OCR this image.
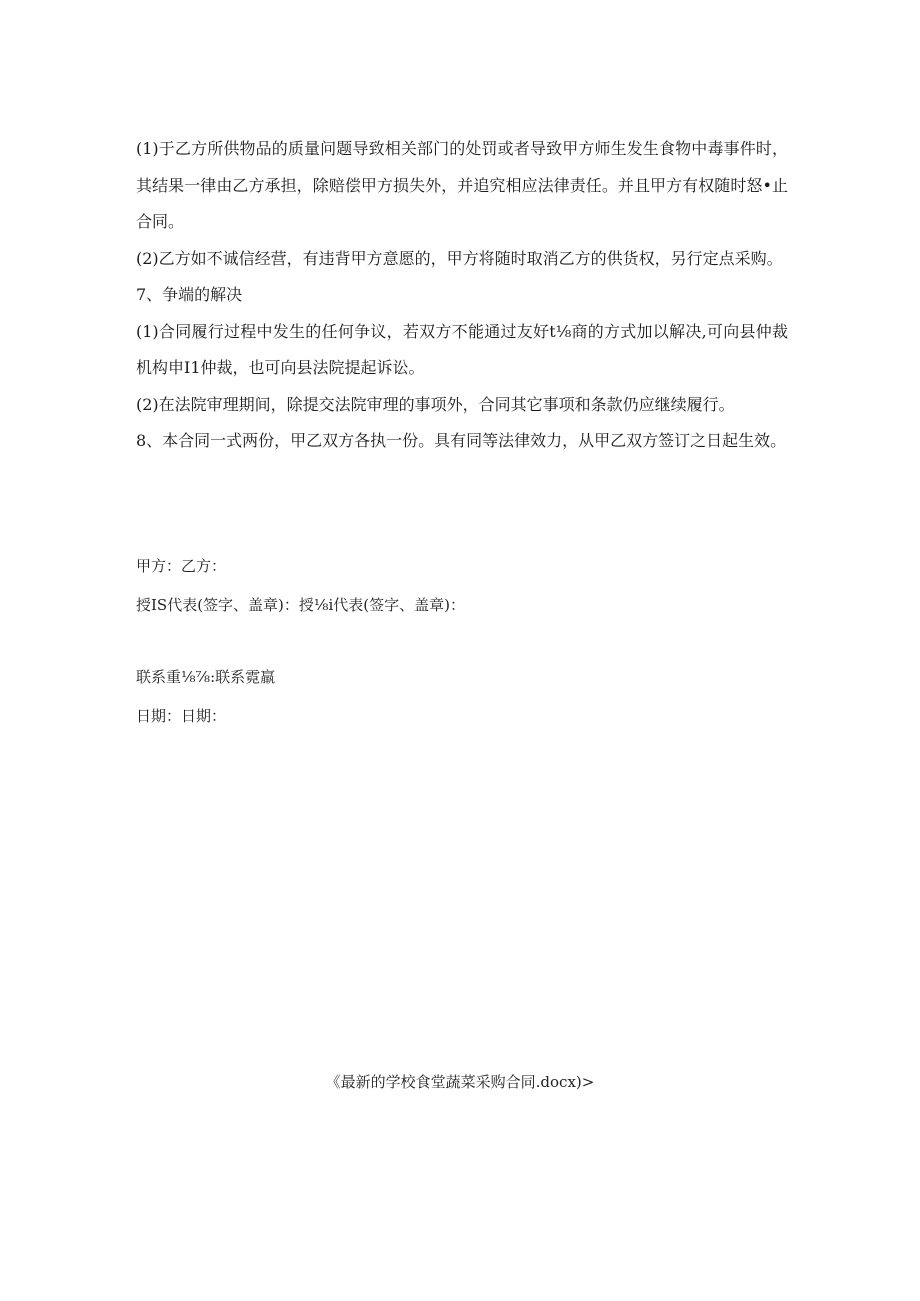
(1)于乙方所供物品的质量问题导致相关部门的处罚或者导致甲方师生发生食物中毒事件时，其结果一律由乙方承担，除赔偿甲方损失外，并追究相应法律责任。并且甲方有权随时怒•止合同。

(2)乙方如不诚信经营，有违背甲方意愿的，甲方将随时取消乙方的供货权，另行定点采购。

7、争端的解决

(1)合同履行过程中发生的任何争议，若双方不能通过友好t⅛商的方式加以解决,可向县仲裁机构申I1仲裁，也可向县法院提起诉讼。

(2)在法院审理期间，除提交法院审理的事项外，合同其它事项和条款仍应继续履行。

8、本合同一式两份，甲乙双方各执一份。具有同等法律效力，从甲乙双方签订之日起生效。

甲方：乙方：
授IS代表(签字、盖章)：授⅛i代表(签字、盖章)：
联系重⅛⅞:联系霓羸
日期：日期：
《最新的学校食堂蔬菜采购合同.docx)>
